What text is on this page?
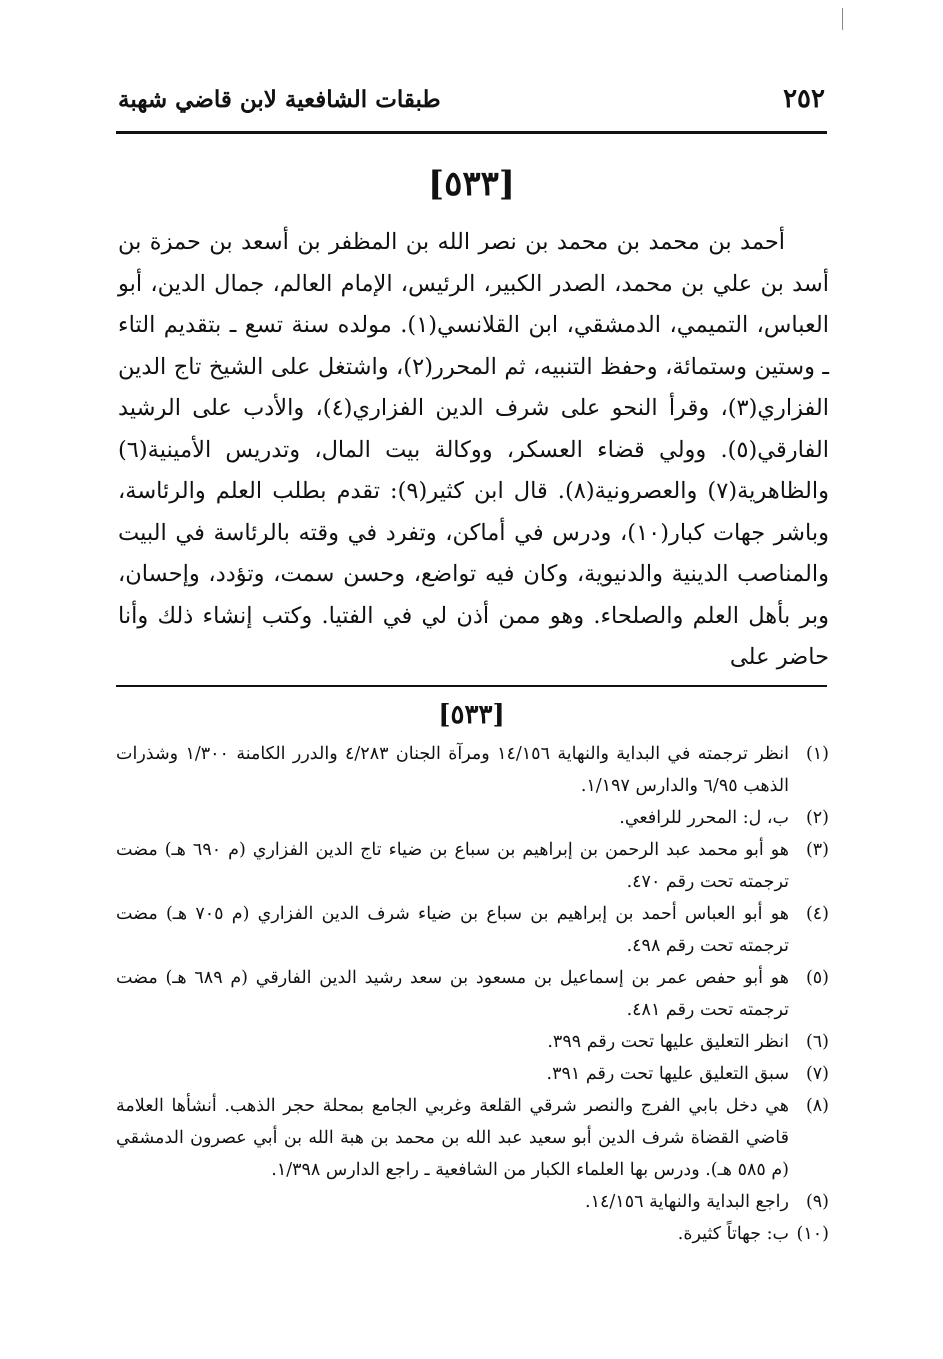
٢٥٢
طبقات الشافعية لابن قاضي شهبة
[٥٣٣]

أحمد بن محمد بن محمد بن نصر الله بن المظفر بن أسعد بن حمزة بن أسد بن علي بن محمد، الصدر الكبير، الرئيس، الإمام العالم، جمال الدين، أبو العباس، التميمي، الدمشقي، ابن القلانسي(١). مولده سنة تسع ـ بتقديم التاء ـ وستين وستمائة، وحفظ التنبيه، ثم المحرر(٢)، واشتغل على الشيخ تاج الدين الفزاري(٣)، وقرأ النحو على شرف الدين الفزاري(٤)، والأدب على الرشيد الفارقي(٥). وولي قضاء العسكر، ووكالة بيت المال، وتدريس الأمينية(٦) والظاهرية(٧) والعصرونية(٨). قال ابن كثير(٩): تقدم بطلب العلم والرئاسة، وباشر جهات كبار(١٠)، ودرس في أماكن، وتفرد في وقته بالرئاسة في البيت والمناصب الدينية والدنيوية، وكان فيه تواضع، وحسن سمت، وتؤدد، وإحسان، وبر بأهل العلم والصلحاء. وهو ممن أذن لي في الفتيا. وكتب إنشاء ذلك وأنا حاضر على

[٥٣٣]

(١)
انظر ترجمته في البداية والنهاية ١٤/١٥٦ ومرآة الجنان ٤/٢٨٣ والدرر الكامنة ١/٣٠٠ وشذرات الذهب ٦/٩٥ والدارس ١/١٩٧.

(٢)
ب، ل: المحرر للرافعي.

(٣)
هو أبو محمد عبد الرحمن بن إبراهيم بن سباع بن ضياء تاج الدين الفزاري (م ٦٩٠ هـ) مضت ترجمته تحت رقم ٤٧٠.

(٤)
هو أبو العباس أحمد بن إبراهيم بن سباع بن ضياء شرف الدين الفزاري (م ٧٠٥ هـ) مضت ترجمته تحت رقم ٤٩٨.

(٥)
هو أبو حفص عمر بن إسماعيل بن مسعود بن سعد رشيد الدين الفارقي (م ٦٨٩ هـ) مضت ترجمته تحت رقم ٤٨١.

(٦)
انظر التعليق عليها تحت رقم ٣٩٩.

(٧)
سبق التعليق عليها تحت رقم ٣٩١.

(٨)
هي دخل بابي الفرج والنصر شرقي القلعة وغربي الجامع بمحلة حجر الذهب. أنشأها العلامة قاضي القضاة شرف الدين أبو سعيد عبد الله بن محمد بن هبة الله بن أبي عصرون الدمشقي (م ٥٨٥ هـ). ودرس بها العلماء الكبار من الشافعية ـ راجع الدارس ١/٣٩٨.

(٩)
راجع البداية والنهاية ١٤/١٥٦.

(١٠)
ب: جهاتاً كثيرة.
